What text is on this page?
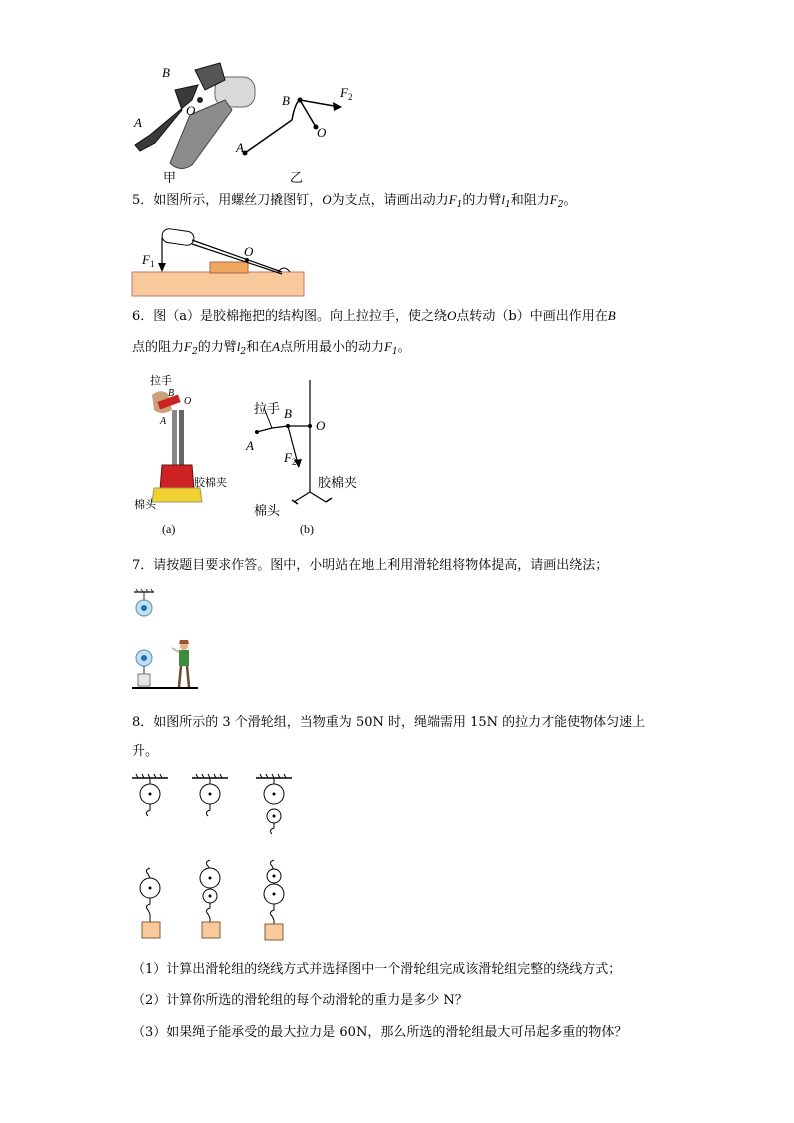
B
O
A
甲
A
B
O
$F_2$
乙
5．如图所示，用螺丝刀撬图钉，O为支点，请画出动力$F_1$的力臂$l_1$和阻力$F_2$。
$F_1$
O
6．图（a）是胶棉拖把的结构图。向上拉拉手，使之绕O点转动（b）中画出作用在B
点的阻力$F_2$的力臂$l_2$和在A点所用最小的动力$F_1$。
拉手
B
O
A
胶棉夹
棉头
(a)
拉手 B
O
A
$F_2$
胶棉夹
棉头
(b)
7．请按题目要求作答。图中，小明站在地上利用滑轮组将物体提高，请画出绕法；
8．如图所示的 3 个滑轮组，当物重为 50N 时，绳端需用 15N 的拉力才能使物体匀速上
升。
（1）计算出滑轮组的绕线方式并选择图中一个滑轮组完成该滑轮组完整的绕线方式；
（2）计算你所选的滑轮组的每个动滑轮的重力是多少 N？
（3）如果绳子能承受的最大拉力是 60N，那么所选的滑轮组最大可吊起多重的物体？
